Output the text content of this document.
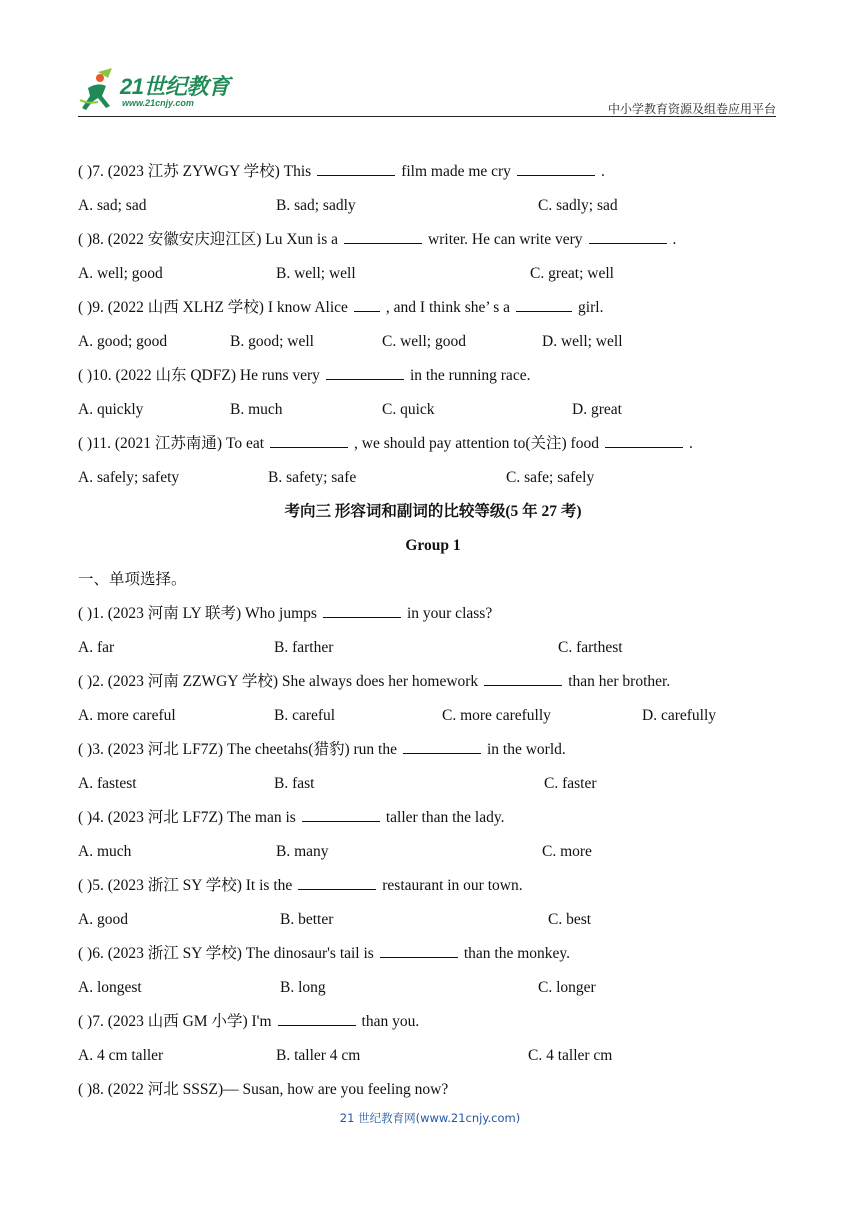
21世纪教育
www.21cnjy.com	中小学教育资源及组卷应用平台
( )7. (2023 江苏 ZYWGY 学校) This	film made me cry	.
A. sad; sad	B. sad; sadly	C. sadly; sad
( )8. (2022 安徽安庆迎江区) Lu Xun is a	writer. He can write very	.
A. well; good	B. well; well	C. great; well
( )9. (2022 山西 XLHZ 学校) I know Alice , and I think she’ s a	girl.
A. good; good	B. good; well	C. well; good	D. well; well
( )10. (2022 山东 QDFZ) He runs very	in the running race.
A. quickly	B. much	C. quick	D. great
( )11. (2021 江苏南通) To eat	, we should pay attention to(关注) food	.
A. safely; safety	B. safety; safe	C. safe; safely
考向三 形容词和副词的比较等级(5 年 27 考)
Group 1
一、单项选择。
( )1. (2023 河南 LY 联考) Who jumps	in your class?
A. far	B. farther	C. farthest
( )2. (2023 河南 ZZWGY 学校) She always does her homework	than her brother.
A. more careful	B. careful	C. more carefully	D. carefully
( )3. (2023 河北 LF7Z) The cheetahs(猎豹) run the	in the world.
A. fastest	B. fast	C. faster
( )4. (2023 河北 LF7Z) The man is	taller than the lady.
A. much	B. many	C. more
( )5. (2023 浙江 SY 学校) It is the	restaurant in our town.
A. good	B. better	C. best
( )6. (2023 浙江 SY 学校) The dinosaur's tail is	than the monkey.
A. longest	B. long	C. longer
( )7. (2023 山西 GM 小学) I'm	than you.
A. 4 cm taller	B. taller 4 cm	C. 4 taller cm
( )8. (2022 河北 SSSZ)— Susan, how are you feeling now?
21 世纪教育网(www.21cnjy.com)
